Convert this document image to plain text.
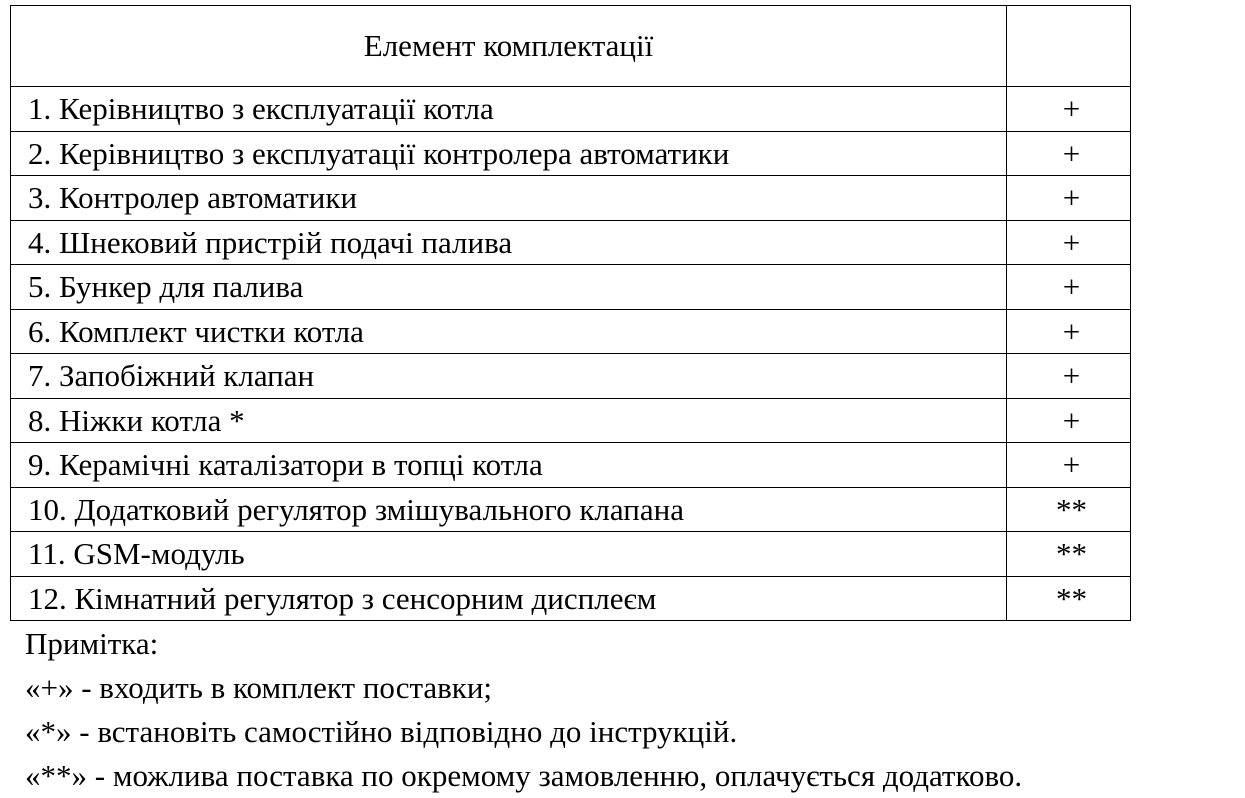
Елемент комплектації	
1. Керівництво з експлуатації котла	+
2. Керівництво з експлуатації контролера автоматики	+
3. Контролер автоматики	+
4. Шнековий пристрій подачі палива	+
5. Бункер для палива	+
6. Комплект чистки котла	+
7. Запобіжний клапан	+
8. Ніжки котла *	+
9. Керамічні каталізатори в топці котла	+
10. Додатковий регулятор змішувального клапана	**
11. GSM-модуль	**
12. Кімнатний регулятор з сенсорним дисплеєм	**
Примітка:
«+» - входить в комплект поставки;
«*» - встановіть самостійно відповідно до інструкцій.
«**» - можлива поставка по окремому замовленню, оплачується додатково.
